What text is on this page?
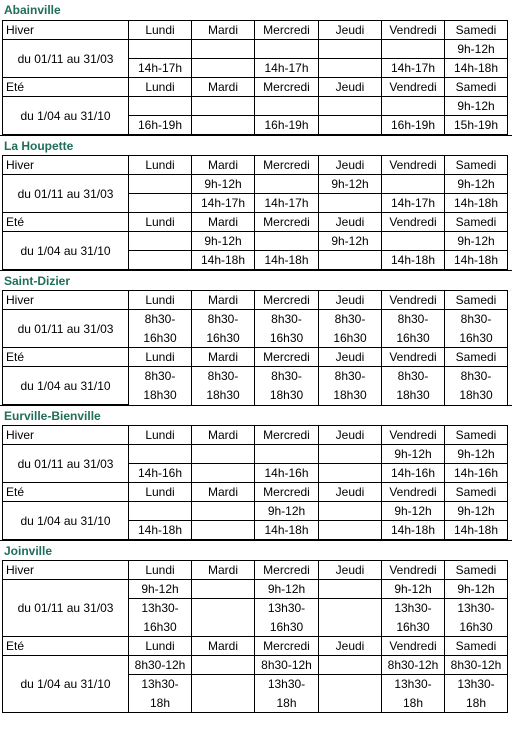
Abainville
Hiver	Lundi	Mardi	Mercredi	Jeudi	Vendredi	Samedi
du 01/11 au 31/03						9h-12h
	14h-17h		14h-17h		14h-17h	14h-18h
Eté	Lundi	Mardi	Mercredi	Jeudi	Vendredi	Samedi
du 1/04 au 31/10						9h-12h
	16h-19h		16h-19h		16h-19h	15h-19h
La Houpette
Hiver	Lundi	Mardi	Mercredi	Jeudi	Vendredi	Samedi
du 01/11 au 31/03		9h-12h		9h-12h		9h-12h
		14h-17h	14h-17h		14h-17h	14h-18h
Eté	Lundi	Mardi	Mercredi	Jeudi	Vendredi	Samedi
du 1/04 au 31/10		9h-12h		9h-12h		9h-12h
		14h-18h	14h-18h		14h-18h	14h-18h
Saint-Dizier
Hiver	Lundi	Mardi	Mercredi	Jeudi	Vendredi	Samedi
du 01/11 au 31/03	8h30-	8h30-	8h30-	8h30-	8h30-	8h30-
	16h30	16h30	16h30	16h30	16h30	16h30
Eté	Lundi	Mardi	Mercredi	Jeudi	Vendredi	Samedi
du 1/04 au 31/10	8h30-	8h30-	8h30-	8h30-	8h30-	8h30-
	18h30	18h30	18h30	18h30	18h30	18h30
Eurville-Bienville
Hiver	Lundi	Mardi	Mercredi	Jeudi	Vendredi	Samedi
du 01/11 au 31/03					9h-12h	9h-12h
	14h-16h		14h-16h		14h-16h	14h-16h
Eté	Lundi	Mardi	Mercredi	Jeudi	Vendredi	Samedi
du 1/04 au 31/10			9h-12h		9h-12h	9h-12h
	14h-18h		14h-18h		14h-18h	14h-18h
Joinville
Hiver	Lundi	Mardi	Mercredi	Jeudi	Vendredi	Samedi
du 01/11 au 31/03	9h-12h		9h-12h		9h-12h	9h-12h
	13h30-		13h30-		13h30-	13h30-
	16h30		16h30		16h30	16h30
Eté	Lundi	Mardi	Mercredi	Jeudi	Vendredi	Samedi
du 1/04 au 31/10	8h30-12h		8h30-12h		8h30-12h	8h30-12h
	13h30-		13h30-		13h30-	13h30-
	18h		18h		18h	18h
